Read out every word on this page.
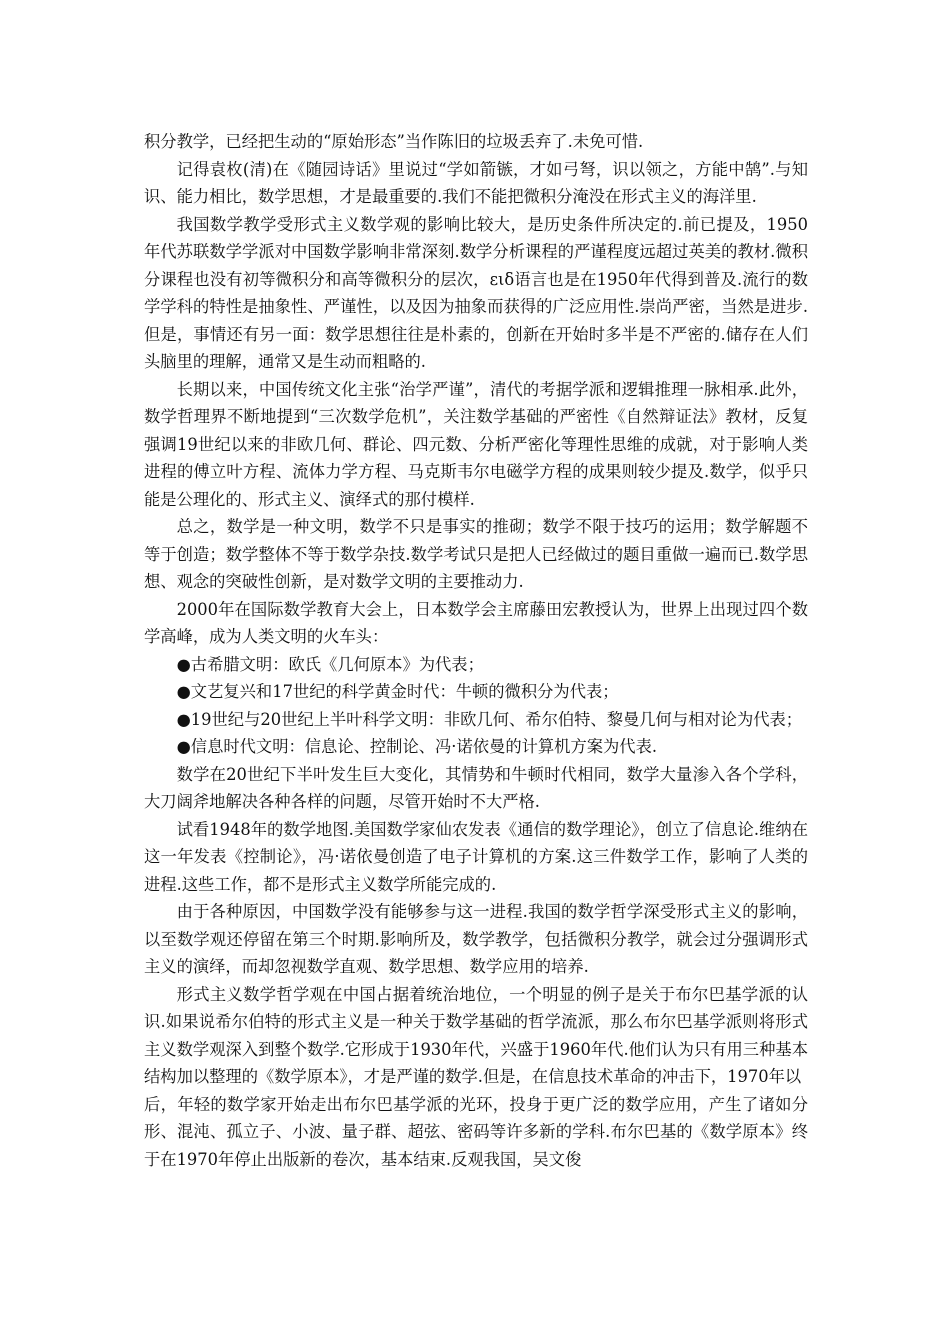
积分教学，已经把生动的“原始形态”当作陈旧的垃圾丢弃了.未免可惜.

记得袁枚(清)在《随园诗话》里说过“学如箭镞，才如弓弩，识以领之，方能中鹄”.与知识、能力相比，数学思想，才是最重要的.我们不能把微积分淹没在形式主义的海洋里.

我国数学教学受形式主义数学观的影响比较大，是历史条件所决定的.前已提及，1950年代苏联数学学派对中国数学影响非常深刻.数学分析课程的严谨程度远超过英美的教材.微积分课程也没有初等微积分和高等微积分的层次，ειδ语言也是在1950年代得到普及.流行的数学学科的特性是抽象性、严谨性，以及因为抽象而获得的广泛应用性.崇尚严密，当然是进步.但是，事情还有另一面：数学思想往往是朴素的，创新在开始时多半是不严密的.储存在人们头脑里的理解，通常又是生动而粗略的.

长期以来，中国传统文化主张“治学严谨”，清代的考据学派和逻辑推理一脉相承.此外，数学哲理界不断地提到“三次数学危机”，关注数学基础的严密性《自然辩证法》教材，反复强调19世纪以来的非欧几何、群论、四元数、分析严密化等理性思维的成就，对于影响人类进程的傅立叶方程、流体力学方程、马克斯韦尔电磁学方程的成果则较少提及.数学，似乎只能是公理化的、形式主义、演绎式的那付模样.

总之，数学是一种文明，数学不只是事实的推砌；数学不限于技巧的运用；数学解题不等于创造；数学整体不等于数学杂技.数学考试只是把人已经做过的题目重做一遍而已.数学思想、观念的突破性创新，是对数学文明的主要推动力.

2000年在国际数学教育大会上，日本数学会主席藤田宏教授认为，世界上出现过四个数学高峰，成为人类文明的火车头：

●古希腊文明：欧氏《几何原本》为代表；

●文艺复兴和17世纪的科学黄金时代：牛顿的微积分为代表；

●19世纪与20世纪上半叶科学文明：非欧几何、希尔伯特、黎曼几何与相对论为代表；

●信息时代文明：信息论、控制论、冯·诺依曼的计算机方案为代表.

数学在20世纪下半叶发生巨大变化，其情势和牛顿时代相同，数学大量渗入各个学科，大刀阔斧地解决各种各样的问题，尽管开始时不大严格.

试看1948年的数学地图.美国数学家仙农发表《通信的数学理论》，创立了信息论.维纳在这一年发表《控制论》，冯·诺依曼创造了电子计算机的方案.这三件数学工作，影响了人类的进程.这些工作，都不是形式主义数学所能完成的.

由于各种原因，中国数学没有能够参与这一进程.我国的数学哲学深受形式主义的影响，以至数学观还停留在第三个时期.影响所及，数学教学，包括微积分教学，就会过分强调形式主义的演绎，而却忽视数学直观、数学思想、数学应用的培养.

形式主义数学哲学观在中国占据着统治地位，一个明显的例子是关于布尔巴基学派的认识.如果说希尔伯特的形式主义是一种关于数学基础的哲学流派，那么布尔巴基学派则将形式主义数学观深入到整个数学.它形成于1930年代，兴盛于1960年代.他们认为只有用三种基本结构加以整理的《数学原本》，才是严谨的数学.但是，在信息技术革命的冲击下，1970年以

后，年轻的数学家开始走出布尔巴基学派的光环，投身于更广泛的数学应用，产生了诸如分形、混沌、孤立子、小波、量子群、超弦、密码等许多新的学科.布尔巴基的《数学原本》终于在1970年停止出版新的卷次，基本结束.反观我国，吴文俊
